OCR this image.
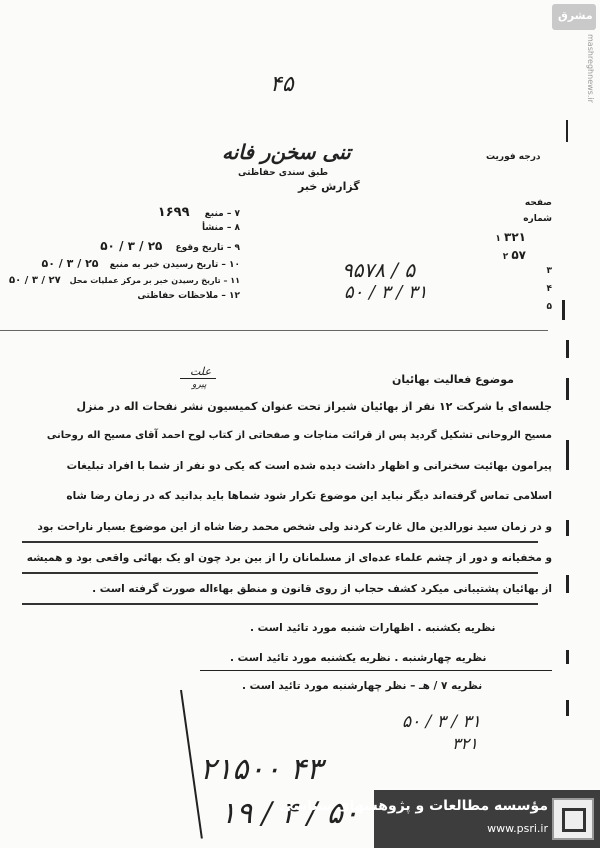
مشرق
mashreghnews.ir
۴۵
تنی سخن‌ر فانه
طبق سندی حفاظتی
گزارش خبر
درجه فوریت
۷ – منبع ۱۶۹۹
۸ – منشأ
۹ – تاریخ وقوع ۲۵ / ۳ / ۵۰
۱۰ – تاریخ رسیدن خبر به منبع ۲۵ / ۳ / ۵۰
۱۱ – تاریخ رسیدن خبر بر مرکز عملیات محل ۲۷ / ۳ / ۵۰
۱۲ – ملاحظات حفاظتی
صفحه
شماره
۱ ۳۲۱
۲ ۵۷
۳
۴
۵
۹۵۷۸ / ۵
۵۰ / ۳ / ۳۱
موضوع فعالیت بهائیان
علت
پیرو
جلسه‌ای با شرکت ۱۲ نفر از بهائیان شیراز تحت عنوان کمیسیون نشر نفحات اله در منزل
مسیح الروحانی تشکیل گردید پس از قرائت مناجات و صفحاتی از کتاب لوح احمد آقای مسیح اله روحانی
پیرامون بهائیت سخنرانی و اظهار داشت دیده شده است که یکی دو نفر از شما با افراد تبلیغات
اسلامی تماس گرفته‌اند دیگر نباید این موضوع تکرار شود شما‌ها باید بدانید که در زمان رضا شاه
و در زمان سید نورالدین مال غارت کردند ولی شخص محمد رضا شاه از این موضوع بسیار ناراحت بود
و مخفیانه و دور از چشم علماء عده‌ای از مسلمانان را از بین برد چون او یک بهائی واقعی بود و همیشه
از بهائیان پشتیبانی میکرد کشف حجاب از روی قانون و منطق بهاءاله صورت گرفته است .
نظریه یکشنبه . اظهارات شنبه مورد تائید است .
نظریه چهارشنبه . نظریه یکشنبه مورد تائید است .
نظریه ۷ / هـ – نظر چهارشنبه مورد تائید است .
۵۰ / ۳ / ۳۱
۳۲۱
۲۱۵۰۰ ۴۳
۱۹ / ۴ / ۵۰
مؤسسه مطالعات و پژوهشهای سیاسی
www.psri.ir
